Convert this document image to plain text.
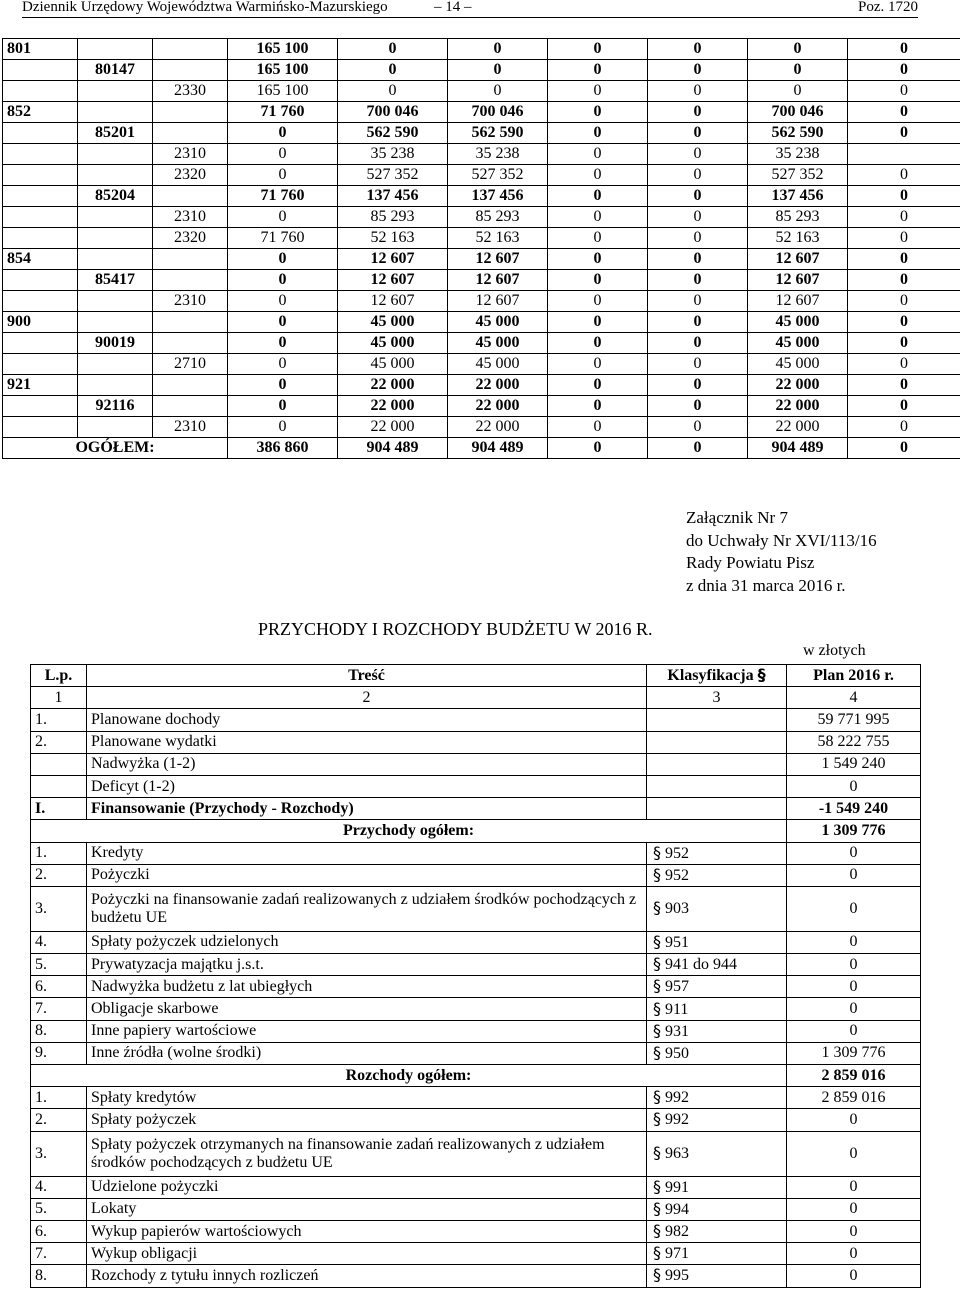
Dziennik Urzędowy Województwa Warmińsko-Mazurskiego	– 14 –	Poz. 1720
801			165 100	0	0	0	0	0	0
	80147		165 100	0	0	0	0	0	0
		2330	165 100	0	0	0	0	0	0
852			71 760	700 046	700 046	0	0	700 046	0
	85201		0	562 590	562 590	0	0	562 590	0
		2310	0	35 238	35 238	0	0	35 238	
		2320	0	527 352	527 352	0	0	527 352	0
	85204		71 760	137 456	137 456	0	0	137 456	0
		2310	0	85 293	85 293	0	0	85 293	0
		2320	71 760	52 163	52 163	0	0	52 163	0
854			0	12 607	12 607	0	0	12 607	0
	85417		0	12 607	12 607	0	0	12 607	0
		2310	0	12 607	12 607	0	0	12 607	0
900			0	45 000	45 000	0	0	45 000	0
	90019		0	45 000	45 000	0	0	45 000	0
		2710	0	45 000	45 000	0	0	45 000	0
921			0	22 000	22 000	0	0	22 000	0
	92116		0	22 000	22 000	0	0	22 000	0
		2310	0	22 000	22 000	0	0	22 000	0
OGÓŁEM:			386 860	904 489	904 489	0	0	904 489	0
Załącznik Nr 7
do Uchwały Nr XVI/113/16
Rady Powiatu Pisz
z dnia 31 marca 2016 r.
PRZYCHODY I ROZCHODY BUDŻETU W 2016 R.
w złotych
L.p.	Treść	Klasyfikacja §	Plan 2016 r.
1	2	3	4
1.	Planowane dochody		59 771 995
2.	Planowane wydatki		58 222 755
	Nadwyżka (1-2)		1 549 240
	Deficyt (1-2)		0
I.	Finansowanie (Przychody - Rozchody)		-1 549 240
Przychody ogółem:			1 309 776
1.	Kredyty	§ 952	0
2.	Pożyczki	§ 952	0
3.	Pożyczki na finansowanie zadań realizowanych z udziałem środków pochodzących z budżetu UE	§ 903	0
4.	Spłaty pożyczek udzielonych	§ 951	0
5.	Prywatyzacja majątku j.s.t.	§ 941 do 944	0
6.	Nadwyżka budżetu z lat ubiegłych	§ 957	0
7.	Obligacje skarbowe	§ 911	0
8.	Inne papiery wartościowe	§ 931	0
9.	Inne źródła (wolne środki)	§ 950	1 309 776
Rozchody ogółem:			2 859 016
1.	Spłaty kredytów	§ 992	2 859 016
2.	Spłaty pożyczek	§ 992	0
3.	Spłaty pożyczek otrzymanych na finansowanie zadań realizowanych z udziałem środków pochodzących z budżetu UE	§ 963	0
4.	Udzielone pożyczki	§ 991	0
5.	Lokaty	§ 994	0
6.	Wykup papierów wartościowych	§ 982	0
7.	Wykup obligacji	§ 971	0
8.	Rozchody z tytułu innych rozliczeń	§ 995	0
